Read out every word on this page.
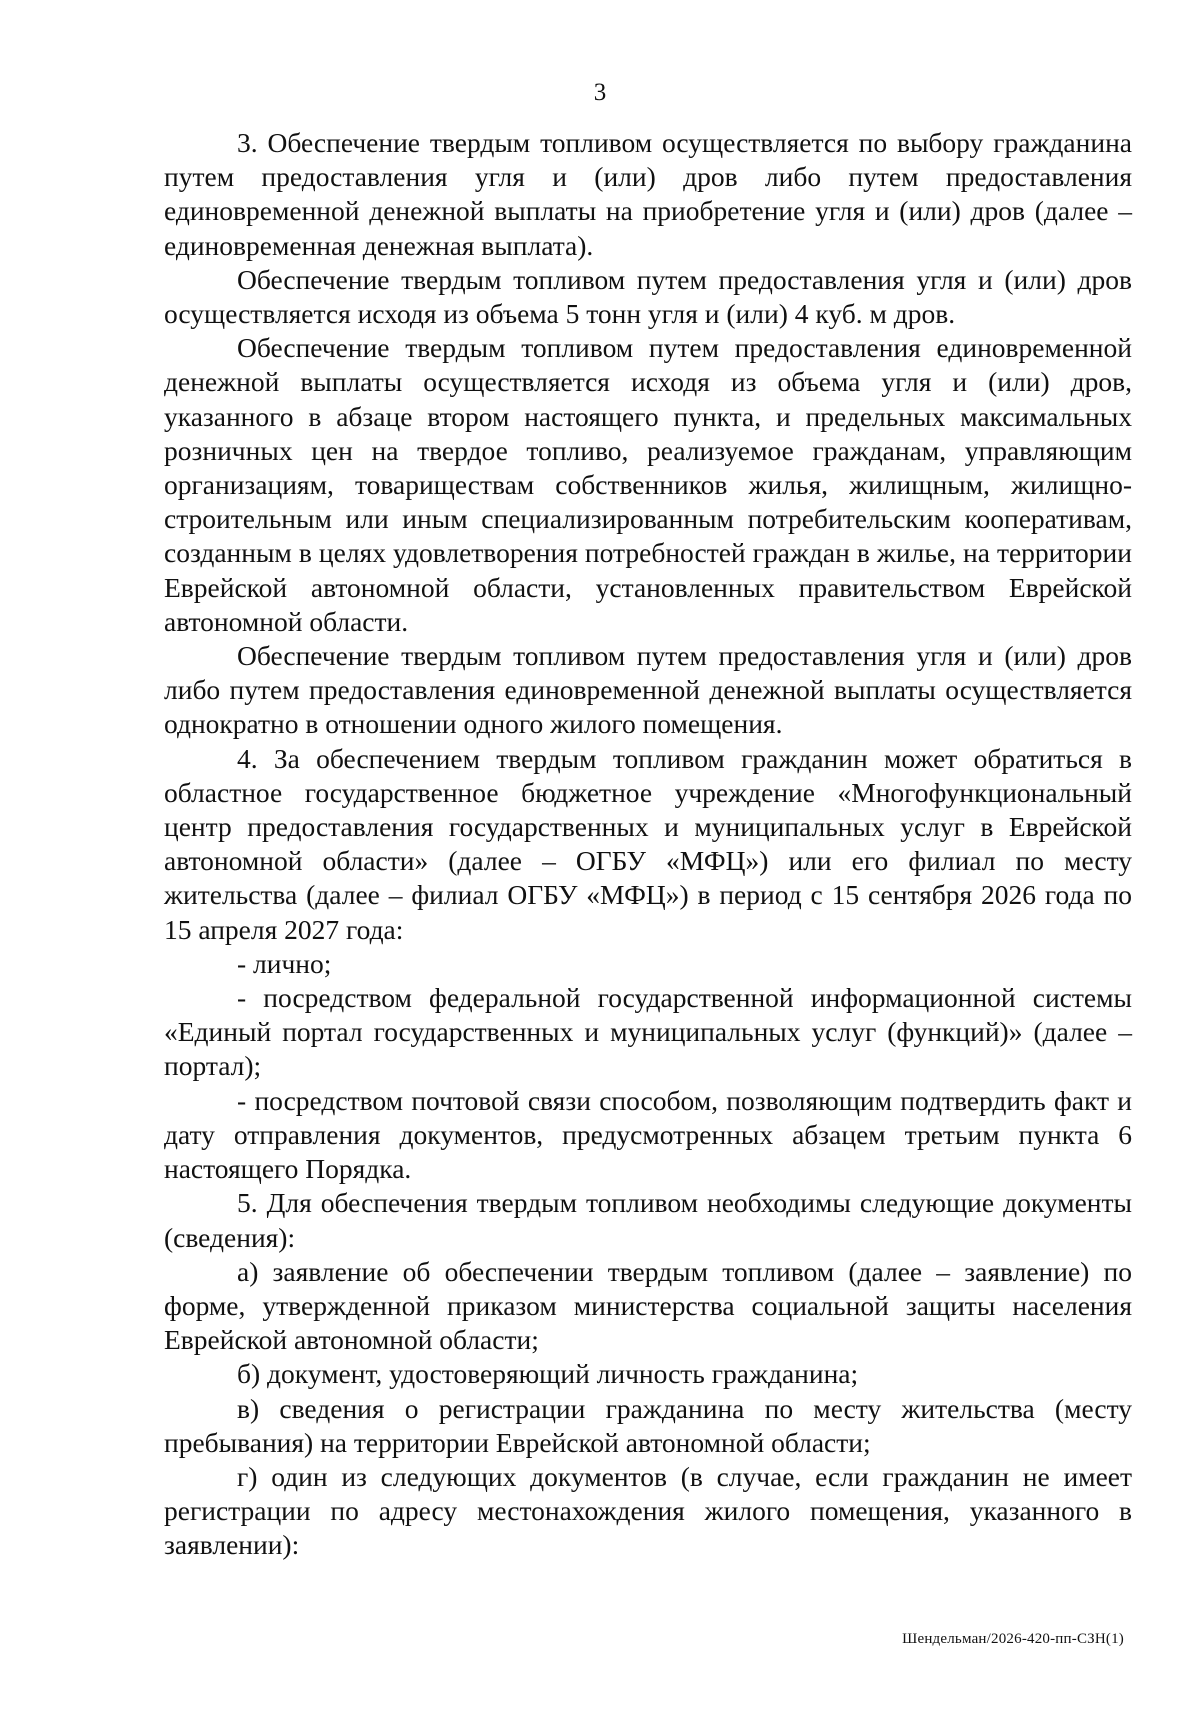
3

3. Обеспечение твердым топливом осуществляется по выбору гражданина путем предоставления угля и (или) дров либо путем предоставления единовременной денежной выплаты на приобретение угля и (или) дров (далее – единовременная денежная выплата).

Обеспечение твердым топливом путем предоставления угля и (или) дров осуществляется исходя из объема 5 тонн угля и (или) 4 куб. м дров.

Обеспечение твердым топливом путем предоставления единовременной денежной выплаты осуществляется исходя из объема угля и (или) дров, указанного в абзаце втором настоящего пункта, и предельных максимальных розничных цен на твердое топливо, реализуемое гражданам, управляющим организациям, товариществам собственников жилья, жилищным, жилищно-строительным или иным специализированным потребительским кооперативам, созданным в целях удовлетворения потребностей граждан в жилье, на территории Еврейской автономной области, установленных правительством Еврейской автономной области.

Обеспечение твердым топливом путем предоставления угля и (или) дров либо путем предоставления единовременной денежной выплаты осуществляется однократно в отношении одного жилого помещения.

4. За обеспечением твердым топливом гражданин может обратиться в областное государственное бюджетное учреждение «Многофункциональный центр предоставления государственных и муниципальных услуг в Еврейской автономной области» (далее – ОГБУ «МФЦ») или его филиал по месту жительства (далее – филиал ОГБУ «МФЦ») в период с 15 сентября 2026 года по 15 апреля 2027 года:

- лично;

- посредством федеральной государственной информационной системы «Единый портал государственных и муниципальных услуг (функций)» (далее – портал);

- посредством почтовой связи способом, позволяющим подтвердить факт и дату отправления документов, предусмотренных абзацем третьим пункта 6 настоящего Порядка.

5. Для обеспечения твердым топливом необходимы следующие документы (сведения):

а) заявление об обеспечении твердым топливом (далее – заявление) по форме, утвержденной приказом министерства социальной защиты населения Еврейской автономной области;

б) документ, удостоверяющий личность гражданина;

в) сведения о регистрации гражданина по месту жительства (месту пребывания) на территории Еврейской автономной области;

г) один из следующих документов (в случае, если гражданин не имеет регистрации по адресу местонахождения жилого помещения, указанного в заявлении):

Шендельман/2026-420-пп-СЗН(1)
